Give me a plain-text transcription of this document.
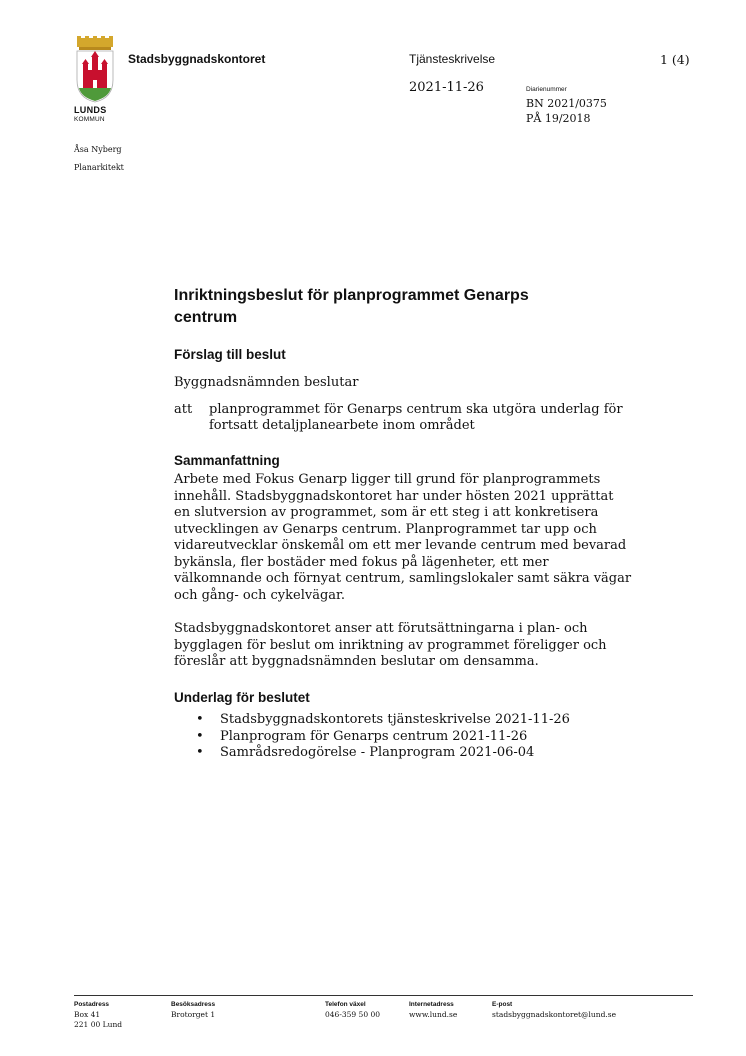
LUNDS
KOMMUN
Stadsbyggnadskontoret	Tjänsteskrivelse	1 (4)
2021-11-26	Diarienummer
BN 2021/0375
PÅ 19/2018
Åsa Nyberg
Planarkitekt
Inriktningsbeslut för planprogrammet Genarps
centrum
Förslag till beslut
Byggnadsnämnden beslutar
att planprogrammet för Genarps centrum ska utgöra underlag för
fortsatt detaljplanearbete inom området
Sammanfattning
Arbete med Fokus Genarp ligger till grund för planprogrammets
innehåll. Stadsbyggnadskontoret har under hösten 2021 upprättat
en slutversion av programmet, som är ett steg i att konkretisera
utvecklingen av Genarps centrum. Planprogrammet tar upp och
vidareutvecklar önskemål om ett mer levande centrum med bevarad
bykänsla, fler bostäder med fokus på lägenheter, ett mer
välkomnande och förnyat centrum, samlingslokaler samt säkra vägar
och gång- och cykelvägar.
Stadsbyggnadskontoret anser att förutsättningarna i plan- och
bygglagen för beslut om inriktning av programmet föreligger och
föreslår att byggnadsnämnden beslutar om densamma.
Underlag för beslutet
• Stadsbyggnadskontorets tjänsteskrivelse 2021-11-26
• Planprogram för Genarps centrum 2021-11-26
• Samrådsredogörelse - Planprogram 2021-06-04
Postadress
Box 41
221 00 Lund
Besöksadress
Brotorget 1
Telefon växel
046-359 50 00
Internetadress
www.lund.se
E-post
stadsbyggnadskontoret@lund.se
